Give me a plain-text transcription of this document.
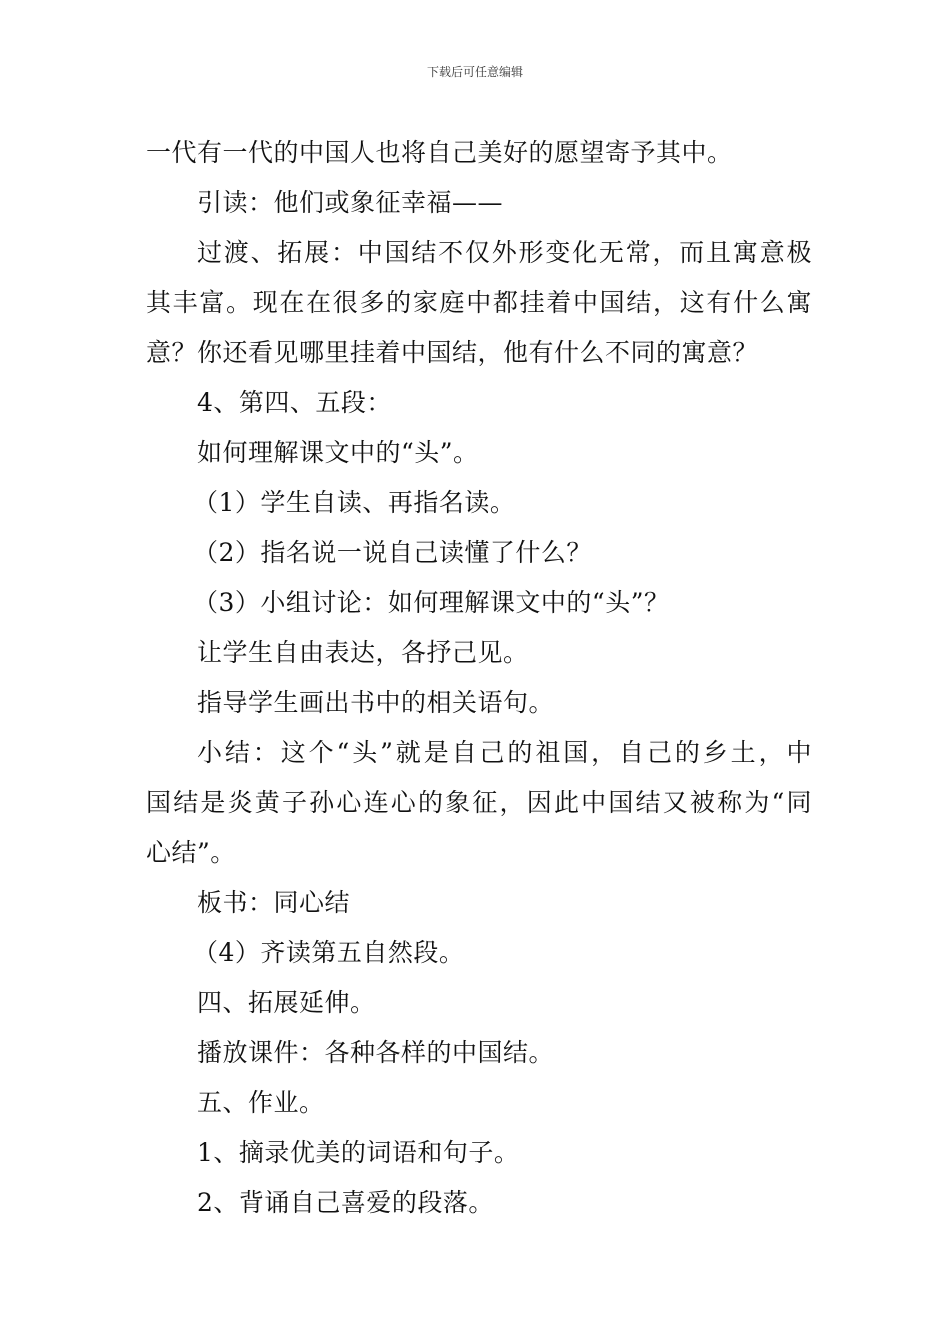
下载后可任意编辑
一代有一代的中国人也将自己美好的愿望寄予其中。
引读：他们或象征幸福——
过渡、拓展：中国结不仅外形变化无常，而且寓意极
其丰富。现在在很多的家庭中都挂着中国结，这有什么寓
意？你还看见哪里挂着中国结，他有什么不同的寓意？
4、第四、五段：
如何理解课文中的“头”。
（1）学生自读、再指名读。
（2）指名说一说自己读懂了什么？
（3）小组讨论：如何理解课文中的“头”？
让学生自由表达，各抒己见。
指导学生画出书中的相关语句。
小结：这个“头”就是自己的祖国，自己的乡土，中
国结是炎黄子孙心连心的象征，因此中国结又被称为“同
心结”。
板书：同心结
（4）齐读第五自然段。
四、拓展延伸。
播放课件：各种各样的中国结。
五、作业。
1、摘录优美的词语和句子。
2、背诵自己喜爱的段落。
